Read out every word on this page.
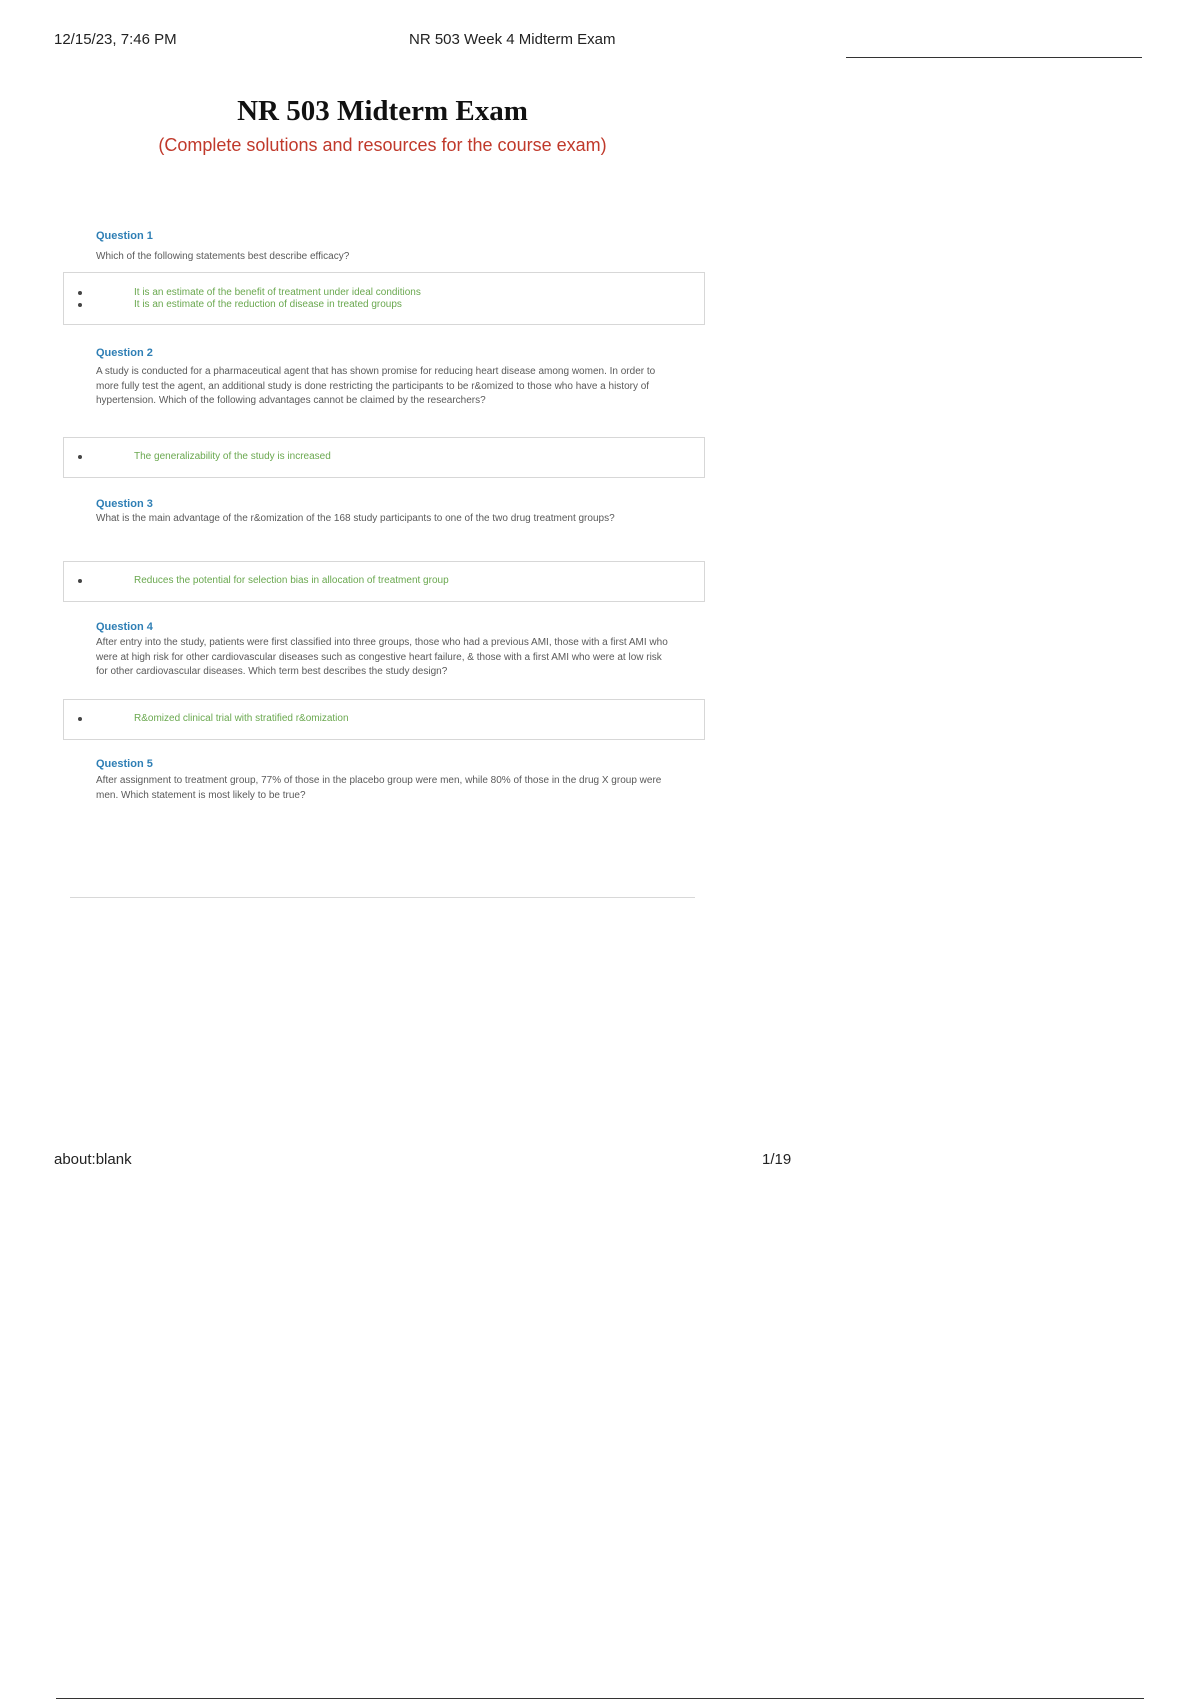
12/15/23, 7:46 PM	NR 503 Week 4 Midterm Exam
NR 503 Midterm Exam
(Complete solutions and resources for the course exam)
Question 1
Which of the following statements best describe efficacy?
It is an estimate of the benefit of treatment under ideal conditions
It is an estimate of the reduction of disease in treated groups
Question 2
A study is conducted for a pharmaceutical agent that has shown promise for reducing heart disease among women. In order to more fully test the agent, an additional study is done restricting the participants to be r&omized to those who have a history of hypertension. Which of the following advantages cannot be claimed by the researchers?
The generalizability of the study is increased
Question 3
What is the main advantage of the r&omization of the 168 study participants to one of the two drug treatment groups?
Reduces the potential for selection bias in allocation of treatment group
Question 4
After entry into the study, patients were first classified into three groups, those who had a previous AMI, those with a first AMI who were at high risk for other cardiovascular diseases such as congestive heart failure, & those with a first AMI who were at low risk for other cardiovascular diseases. Which term best describes the study design?
R&omized clinical trial with stratified r&omization
Question 5
After assignment to treatment group, 77% of those in the placebo group were men, while 80% of those in the drug X group were men. Which statement is most likely to be true?
about:blank	1/19
